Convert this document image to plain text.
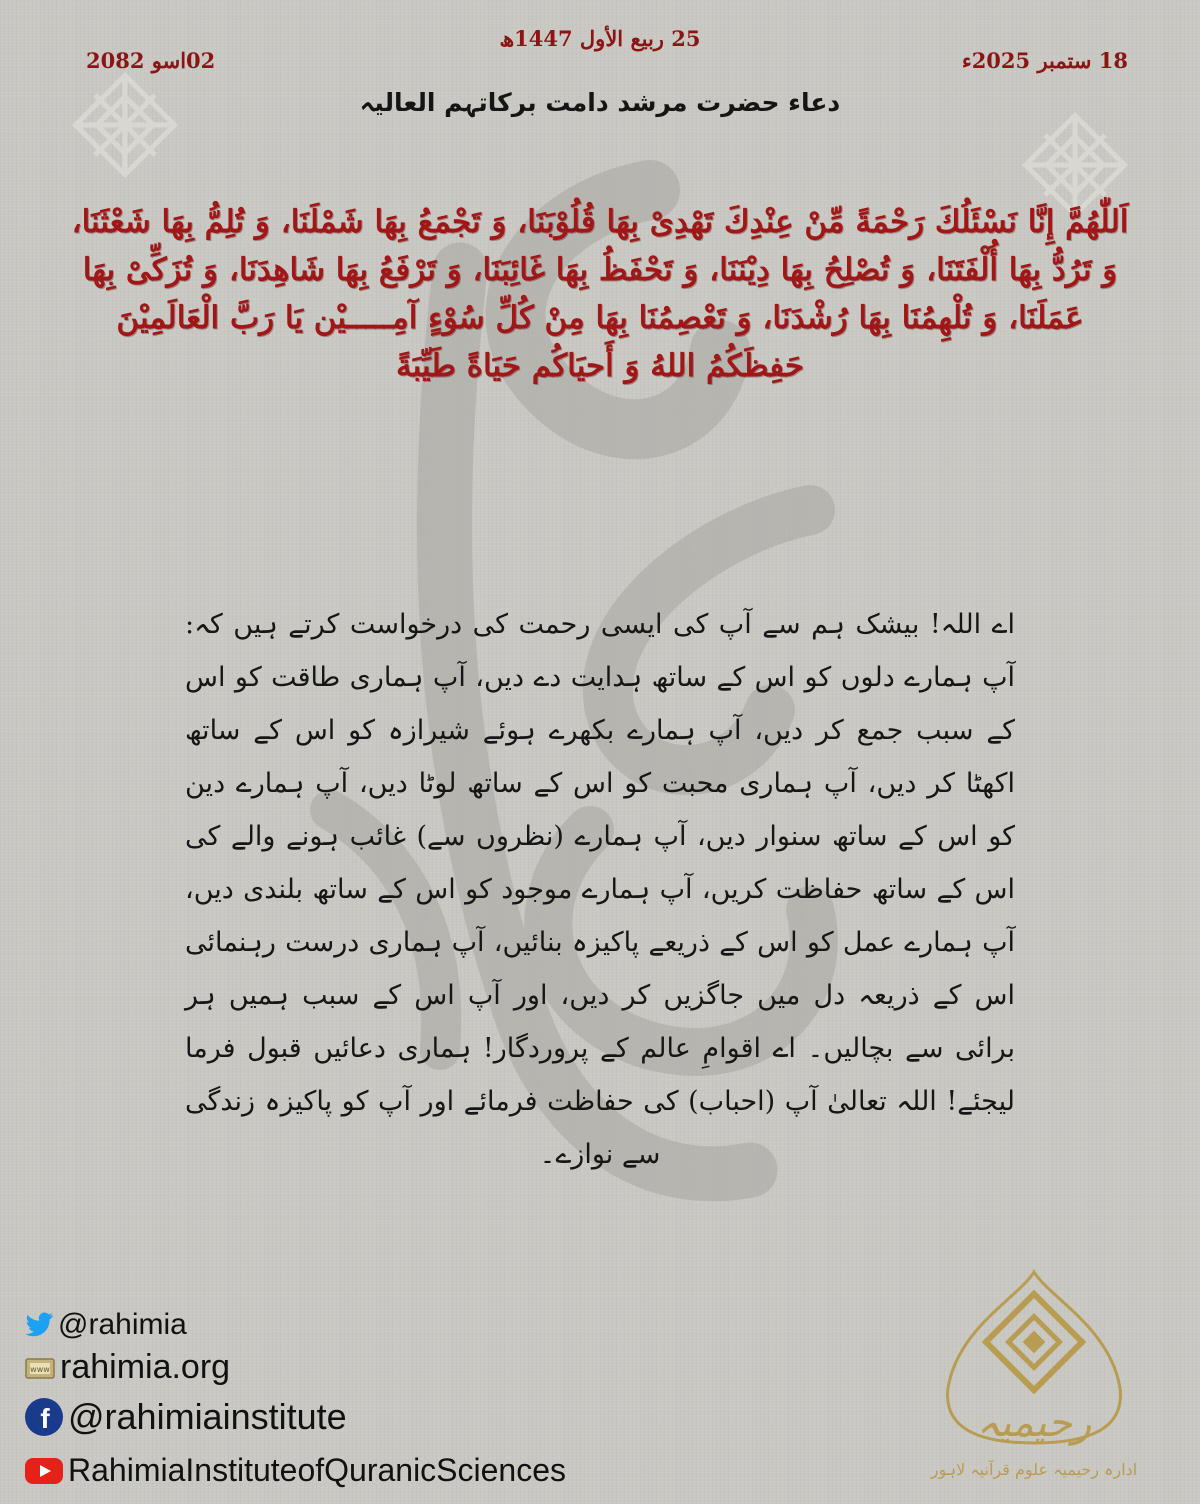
18 ستمبر 2025ء
25 ربیع الأول 1447ھ
02اسو 2082
دعاء حضرت مرشد دامت برکاتہم العالیہ
اَللّٰھُمَّ إِنَّا نَسْئَلُكَ رَحْمَةً مِّنْ عِنْدِكَ تَهْدِىْ بِهَا قُلُوْبَنَا، وَ تَجْمَعُ بِهَا شَمْلَنَا، وَ تُلِمُّ بِهَا شَعْثَنَا، وَ تَرُدُّ بِهَا أُلْفَتَنَا، وَ تُصْلِحُ بِهَا دِيْنَنَا، وَ تَحْفَظُ بِهَا غَائِبَنَا، وَ تَرْفَعُ بِهَا شَاهِدَنَا، وَ تُزَكِّىْ بِهَا عَمَلَنَا، وَ تُلْهِمُنَا بِهَا رُشْدَنَا، وَ تَعْصِمُنَا بِهَا مِنْ كُلِّ سُوْءٍ آمِـــــيْن يَا رَبَّ الْعَالَمِيْنَ حَفِظَكُمُ اللهُ وَ أَحيَاكُم حَيَاةً طَيِّبَةً
اے اللہ! بیشک ہم سے آپ کی ایسی رحمت کی درخواست کرتے ہیں کہ: آپ ہمارے دلوں کو اس کے ساتھ ہدایت دے دیں، آپ ہماری طاقت کو اس کے سبب جمع کر دیں، آپ ہمارے بکھرے ہوئے شیرازہ کو اس کے ساتھ اکھٹا کر دیں، آپ ہماری محبت کو اس کے ساتھ لوٹا دیں، آپ ہمارے دین کو اس کے ساتھ سنوار دیں، آپ ہمارے (نظروں سے) غائب ہونے والے کی اس کے ساتھ حفاظت کریں، آپ ہمارے موجود کو اس کے ساتھ بلندی دیں، آپ ہمارے عمل کو اس کے ذریعے پاکیزہ بنائیں، آپ ہماری درست رہنمائی اس کے ذریعہ دل میں جاگزیں کر دیں، اور آپ اس کے سبب ہمیں ہر برائی سے بچالیں۔ اے اقوامِ عالم کے پروردگار! ہماری دعائیں قبول فرما لیجئے! اللہ تعالیٰ آپ (احباب) کی حفاظت فرمائے اور آپ کو پاکیزہ زندگی سے نوازے۔
@rahimia
www rahimia.org
f @rahimiainstitute
RahimiaInstituteofQuranicSciences
رحیمیہ
ادارہ رحیمیہ علوم قرآنیہ لاہور
